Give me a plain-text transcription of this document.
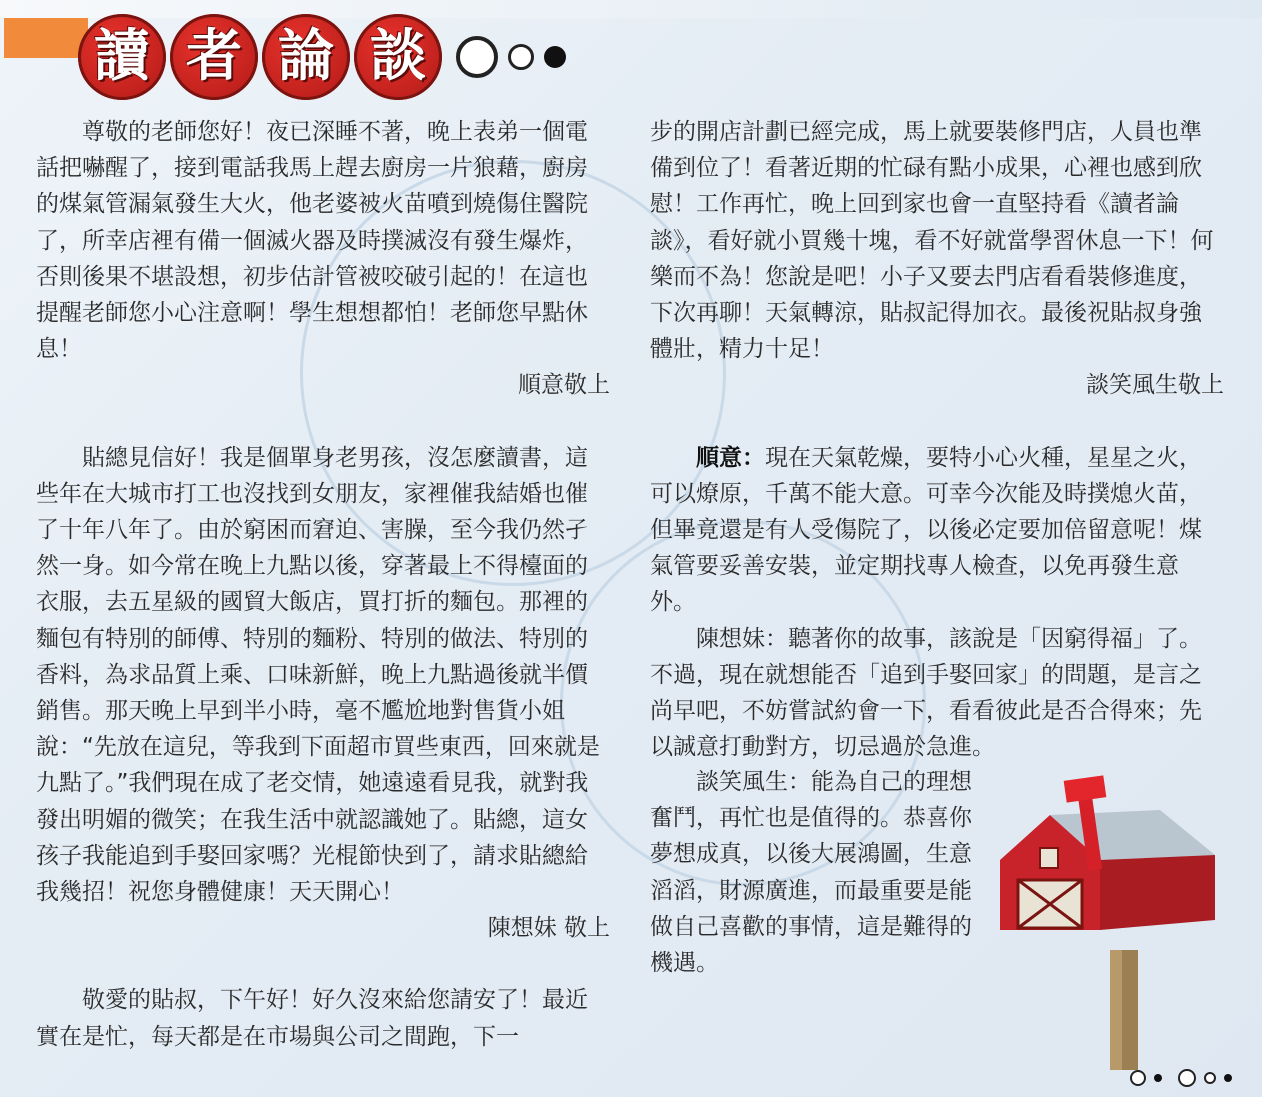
讀 者 論 談

尊敬的老師您好！夜已深睡不著，晚上表弟一個電話把嚇醒了，接到電話我馬上趕去廚房一片狼藉，廚房的煤氣管漏氣發生大火，他老婆被火苗噴到燒傷住醫院了，所幸店裡有備一個滅火器及時撲滅沒有發生爆炸，否則後果不堪設想，初步估計管被咬破引起的！在這也提醒老師您小心注意啊！學生想想都怕！老師您早點休息！

順意敬上

貼總見信好！我是個單身老男孩，沒怎麼讀書，這些年在大城市打工也沒找到女朋友，家裡催我結婚也催了十年八年了。由於窮困而窘迫、害臊，至今我仍然孑然一身。如今常在晚上九點以後，穿著最上不得檯面的衣服，去五星級的國貿大飯店，買打折的麵包。那裡的麵包有特別的師傅、特別的麵粉、特別的做法、特別的香料，為求品質上乘、口味新鮮，晚上九點過後就半價銷售。那天晚上早到半小時，毫不尷尬地對售貨小姐說：“先放在這兒，等我到下面超市買些東西，回來就是九點了。”我們現在成了老交情，她遠遠看見我，就對我發出明媚的微笑；在我生活中就認識她了。貼總，這女孩子我能追到手娶回家嗎？光棍節快到了，請求貼總給我幾招！祝您身體健康！天天開心！

陳想妹 敬上

敬愛的貼叔，下午好！好久沒來給您請安了！最近實在是忙，每天都是在市場與公司之間跑，下一

步的開店計劃已經完成，馬上就要裝修門店，人員也準備到位了！看著近期的忙碌有點小成果，心裡也感到欣慰！工作再忙，晚上回到家也會一直堅持看《讀者論談》，看好就小買幾十塊，看不好就當學習休息一下！何樂而不為！您說是吧！小子又要去門店看看裝修進度，下次再聊！天氣轉涼，貼叔記得加衣。最後祝貼叔身強體壯，精力十足！

談笑風生敬上

順意：現在天氣乾燥，要特小心火種，星星之火，可以燎原，千萬不能大意。可幸今次能及時撲熄火苗，但畢竟還是有人受傷院了，以後必定要加倍留意呢！煤氣管要妥善安裝，並定期找專人檢查，以免再發生意外。

陳想妹：聽著你的故事，該說是「因窮得福」了。不過，現在就想能否「追到手娶回家」的問題，是言之尚早吧，不妨嘗試約會一下，看看彼此是否合得來；先以誠意打動對方，切忌過於急進。

談笑風生：能為自己的理想奮鬥，再忙也是值得的。恭喜你夢想成真，以後大展鴻圖，生意滔滔，財源廣進，而最重要是能做自己喜歡的事情，這是難得的機遇。
